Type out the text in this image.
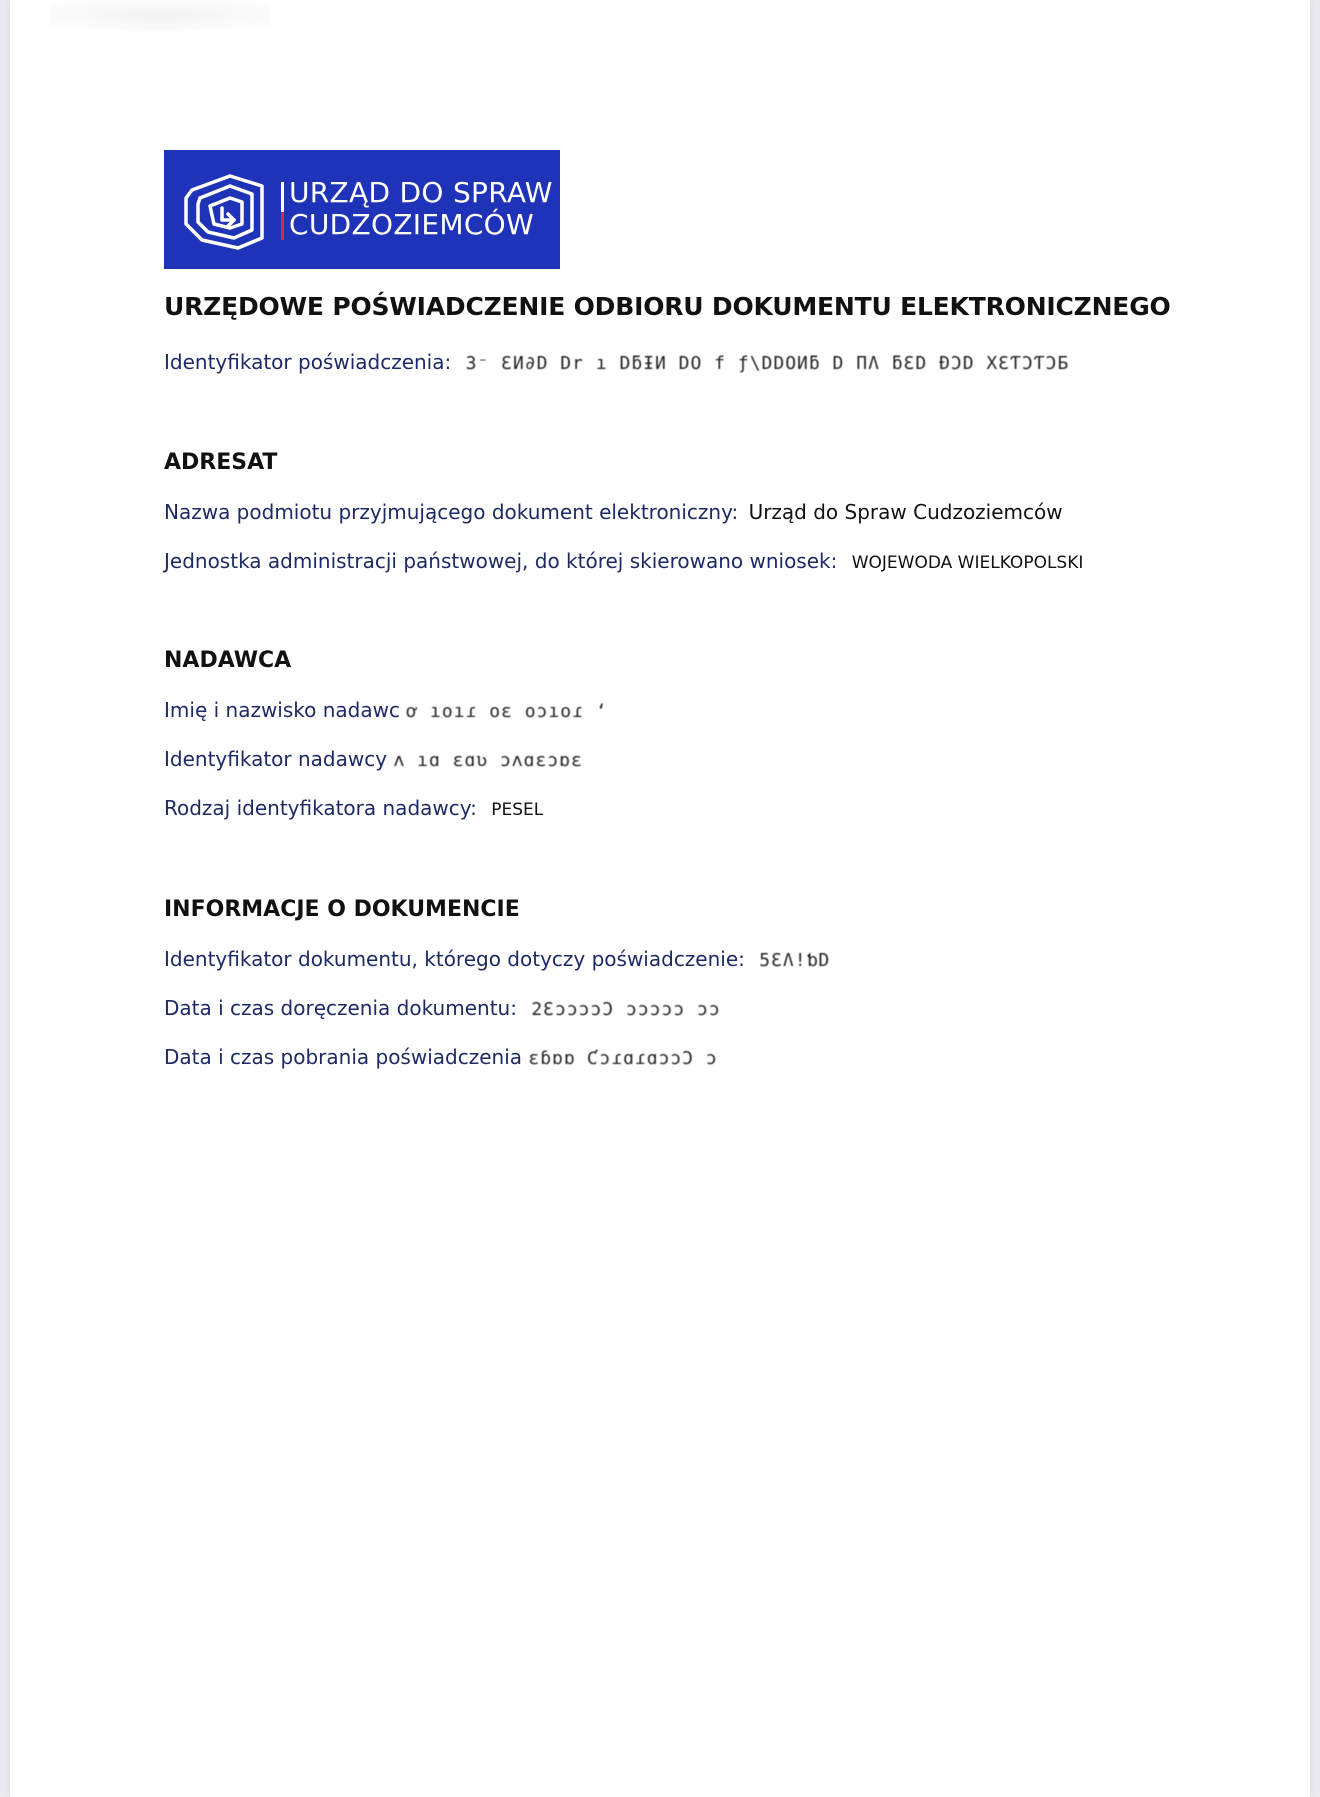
URZĄD DO SPRAW
CUDZOZIEMCÓW
URZĘDOWE POŚWIADCZENIE ODBIORU DOKUMENTU ELEKTRONICZNEGO
Identyfikator poświadczenia: 3⁻ ƐИ∂D Dr ı DƃƗИ DO f ƒ\DDOИƃ D ΠɅ ƃƐD ÐƆD XƐƬƆƬƆƂ
ADRESAT
Nazwa podmiotu przyjmującego dokument elektroniczny: Urząd do Spraw Cudzoziemców
Jednostka administracji państwowej, do której skierowano wniosek: WOJEWODA WIELKOPOLSKI
NADAWCA
Imię i nazwisko nadawc ơ ıoıɾ oɛ oɔıoɾ ʻ
Identyfikator nadawcy ʌ ıɑ ɛɑʋ ɔʌɑɛɔɒɛ
Rodzaj identyfikatora nadawcy: PESEL
INFORMACJE O DOKUMENCIE
Identyfikator dokumentu, którego dotyczy poświadczenie: 5ƐɅ!ƅD
Data i czas doręczenia dokumentu: 2ƐɔɔɔɔƆ ɔɔɔɔɔ ɔɔ
Data i czas pobrania poświadczenia ɛɓɒɒ ƇɔɾɑɾɑɔɔƆ ɔ
